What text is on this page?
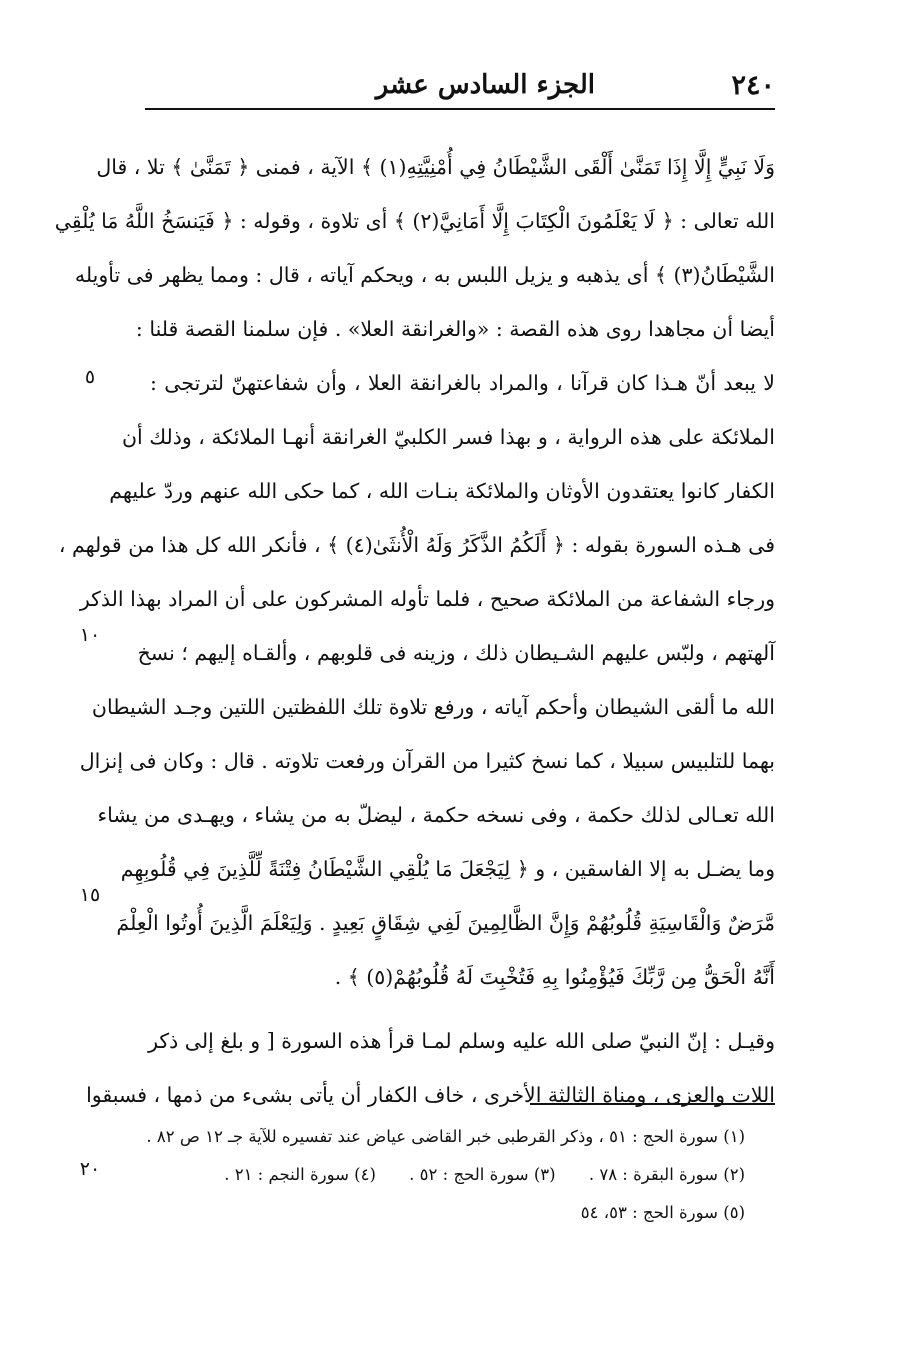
٢٤٠
الجزء السادس عشر
وَلَا نَبِيٍّ إِلَّا إِذَا تَمَنَّىٰ أَلْقَى الشَّيْطَانُ فِي أُمْنِيَّتِهِ(١) ﴾ الآية ، فمنى ﴿ تَمَنَّىٰ ﴾ تلا ، قال
الله تعالى : ﴿ لَا يَعْلَمُونَ الْكِتَابَ إِلَّا أَمَانِيَّ(٢) ﴾ أى تلاوة ، وقوله : ﴿ فَيَنسَخُ اللَّهُ مَا يُلْقِي
الشَّيْطَانُ(٣) ﴾ أى يذهبه و يزيل اللبس به ، ويحكم آياته ، قال : ومما يظهر فى تأويله
أيضا أن مجاهدا روى هذه القصة : «والغرانقة العلا» . فإن سلمنا القصة قلنا :
لا يبعد أنّ هـذا كان قرآنا ، والمراد بالغرانقة العلا ، وأن شفاعتهنّ لترتجى :
الملائكة على هذه الرواية ، و بهذا فسر الكلبيّ الغرانقة أنهـا الملائكة ، وذلك أن
الكفار كانوا يعتقدون الأوثان والملائكة بنـات الله ، كما حكى الله عنهم وردّ عليهم
فى هـذه السورة بقوله : ﴿ أَلَكُمُ الذَّكَرُ وَلَهُ الْأُنثَىٰ(٤) ﴾ ، فأنكر الله كل هذا من قولهم ،
ورجاء الشفاعة من الملائكة صحيح ، فلما تأوله المشركون على أن المراد بهذا الذكر
آلهتهم ، ولبّس عليهم الشـيطان ذلك ، وزينه فى قلوبهم ، وألقـاه إليهم ؛ نسخ
الله ما ألقى الشيطان وأحكم آياته ، ورفع تلاوة تلك اللفظتين اللتين وجـد الشيطان
بهما للتلبيس سبيلا ، كما نسخ كثيرا من القرآن ورفعت تلاوته . قال : وكان فى إنزال
الله تعـالى لذلك حكمة ، وفى نسخه حكمة ، ليضلّ به من يشاء ، ويهـدى من يشاء
وما يضـل به إلا الفاسقين ، و ﴿ لِيَجْعَلَ مَا يُلْقِي الشَّيْطَانُ فِتْنَةً لِّلَّذِينَ فِي قُلُوبِهِم
مَّرَضٌ وَالْقَاسِيَةِ قُلُوبُهُمْ وَإِنَّ الظَّالِمِينَ لَفِي شِقَاقٍ بَعِيدٍ . وَلِيَعْلَمَ الَّذِينَ أُوتُوا الْعِلْمَ
أَنَّهُ الْحَقُّ مِن رَّبِّكَ فَيُؤْمِنُوا بِهِ فَتُخْبِتَ لَهُ قُلُوبُهُمْ(٥) ﴾ .
وقيـل : إنّ النبيّ صلى الله عليه وسلم لمـا قرأ هذه السورة [ و بلغ إلى ذكر
اللات والعزى ، ومناة الثالثة الأخرى ، خاف الكفار أن يأتى بشىء من ذمها ، فسبقوا
٥
١٠
١٥
٢٠
(١) سورة الحج : ٥١ ، وذكر القرطبى خبر القاضى عياض عند تفسيره للآية جـ ١٢ ص ٨٢ .
(٢) سورة البقرة : ٧٨ . (٣) سورة الحج : ٥٢ . (٤) سورة النجم : ٢١ .
(٥) سورة الحج : ٥٣، ٥٤
